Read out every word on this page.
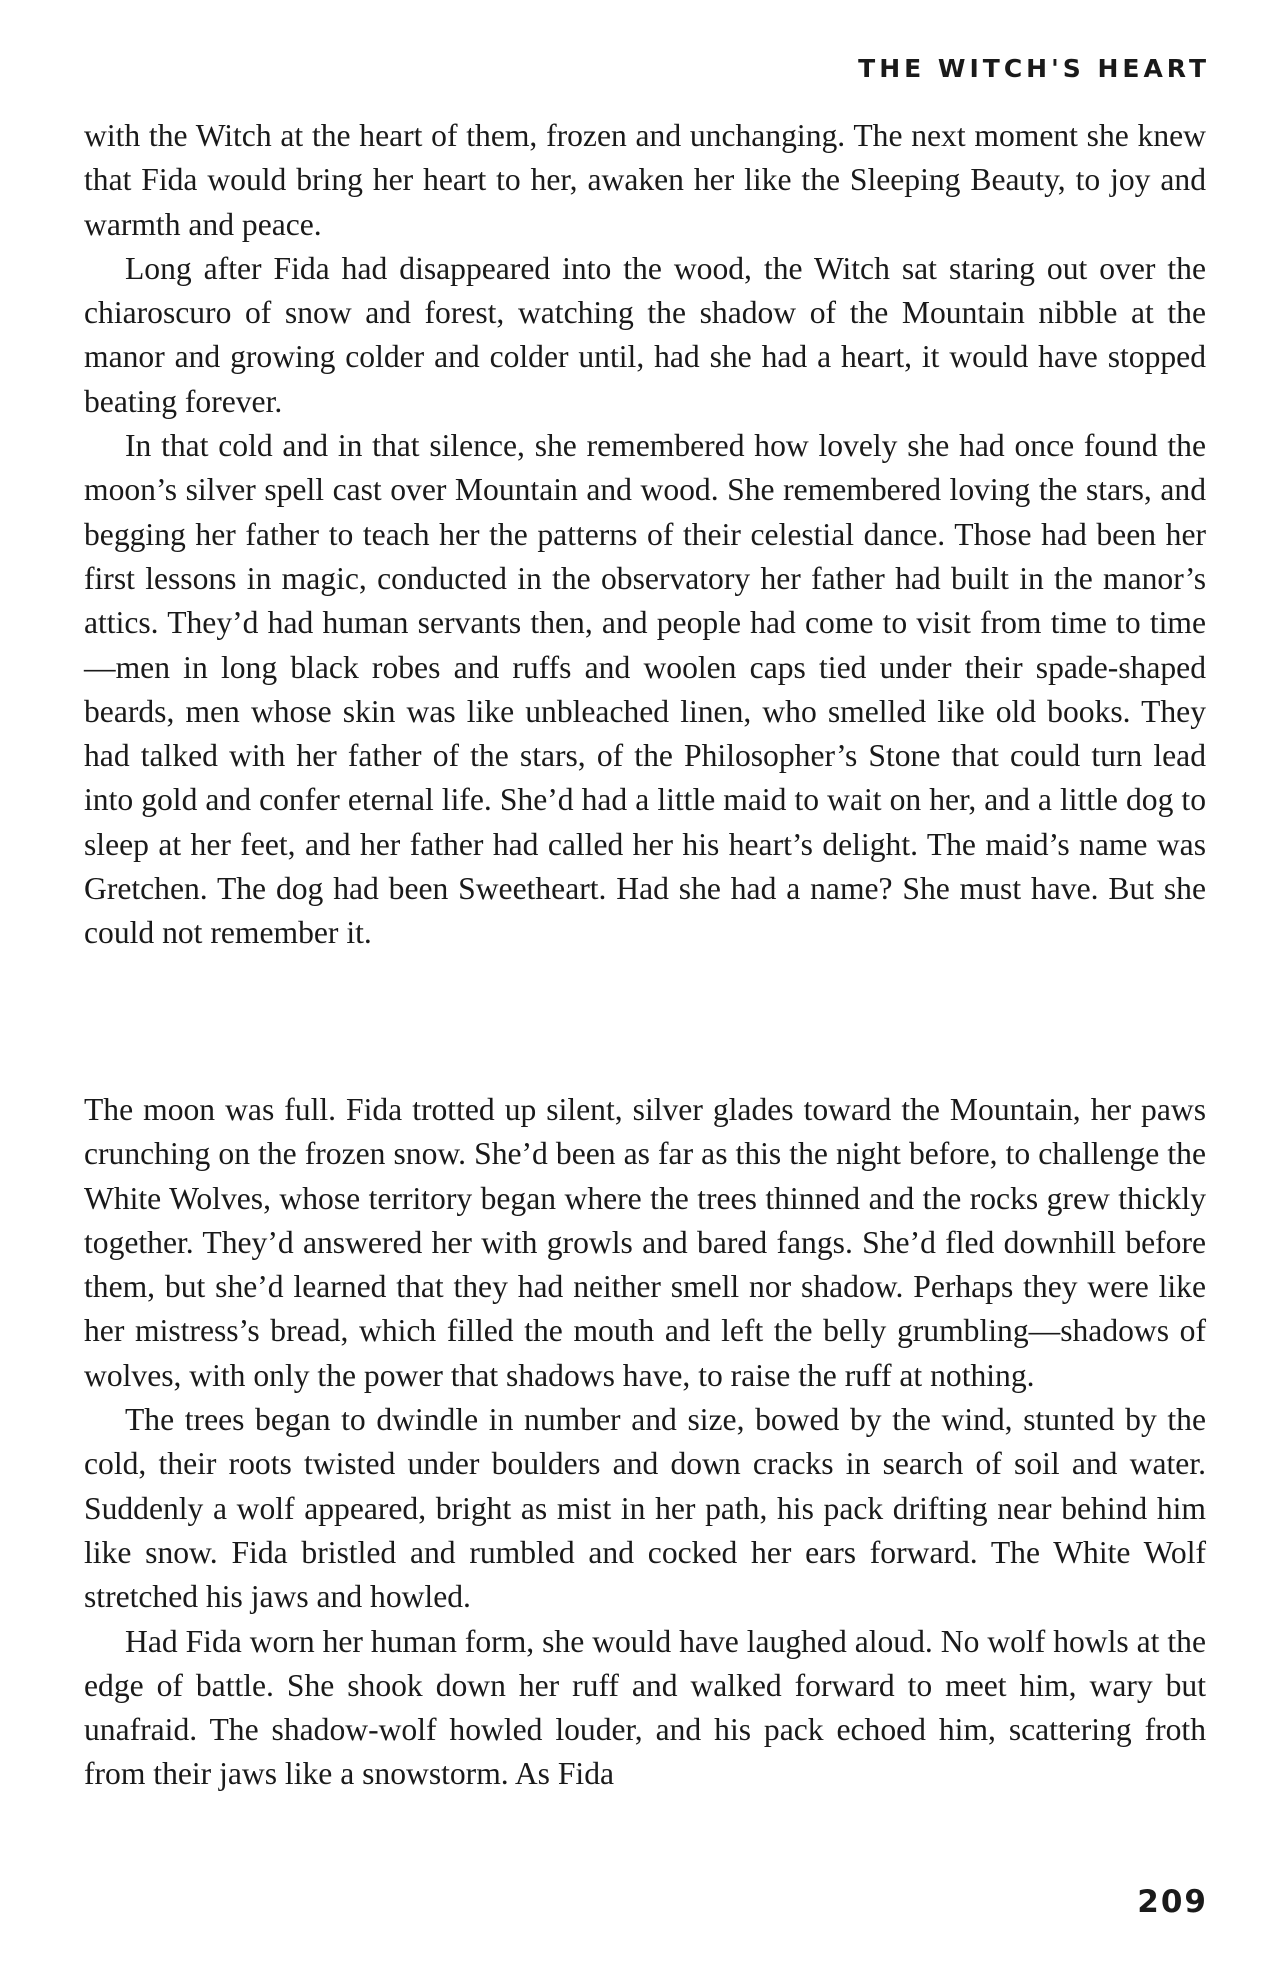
THE WITCH'S HEART

with the Witch at the heart of them, frozen and unchanging. The next moment she knew that Fida would bring her heart to her, awaken her like the Sleeping Beauty, to joy and warmth and peace.

Long after Fida had disappeared into the wood, the Witch sat staring out over the chiaroscuro of snow and forest, watching the shadow of the Mountain nibble at the manor and growing colder and colder until, had she had a heart, it would have stopped beating forever.

In that cold and in that silence, she remembered how lovely she had once found the moon’s silver spell cast over Mountain and wood. She remembered loving the stars, and begging her father to teach her the patterns of their celestial dance. Those had been her first lessons in magic, conducted in the observatory her father had built in the manor’s attics. They’d had human servants then, and people had come to visit from time to time—men in long black robes and ruffs and woolen caps tied under their spade-shaped beards, men whose skin was like unbleached linen, who smelled like old books. They had talked with her father of the stars, of the Philosopher’s Stone that could turn lead into gold and confer eternal life. She’d had a little maid to wait on her, and a little dog to sleep at her feet, and her father had called her his heart’s delight. The maid’s name was Gretchen. The dog had been Sweetheart. Had she had a name? She must have. But she could not remember it.

The moon was full. Fida trotted up silent, silver glades toward the Mountain, her paws crunching on the frozen snow. She’d been as far as this the night before, to challenge the White Wolves, whose territory began where the trees thinned and the rocks grew thickly together. They’d answered her with growls and bared fangs. She’d fled downhill before them, but she’d learned that they had neither smell nor shadow. Perhaps they were like her mistress’s bread, which filled the mouth and left the belly grumbling—shadows of wolves, with only the power that shadows have, to raise the ruff at nothing.

The trees began to dwindle in number and size, bowed by the wind, stunted by the cold, their roots twisted under boulders and down cracks in search of soil and water. Suddenly a wolf appeared, bright as mist in her path, his pack drifting near behind him like snow. Fida bristled and rumbled and cocked her ears forward. The White Wolf stretched his jaws and howled.

Had Fida worn her human form, she would have laughed aloud. No wolf howls at the edge of battle. She shook down her ruff and walked forward to meet him, wary but unafraid. The shadow-wolf howled louder, and his pack echoed him, scattering froth from their jaws like a snowstorm. As Fida

209
